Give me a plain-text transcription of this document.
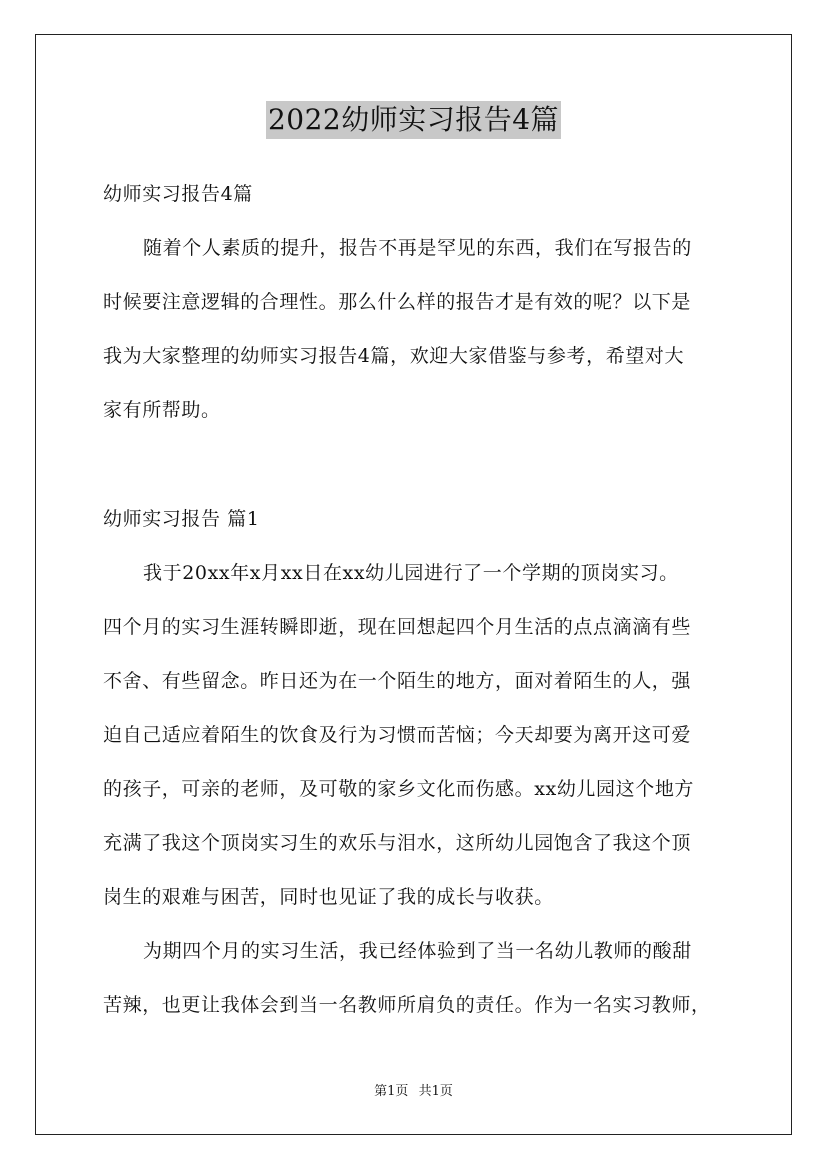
2022幼师实习报告4篇
幼师实习报告4篇
随着个人素质的提升，报告不再是罕见的东西，我们在写报告的
时候要注意逻辑的合理性。那么什么样的报告才是有效的呢？以下是
我为大家整理的幼师实习报告4篇，欢迎大家借鉴与参考，希望对大
家有所帮助。
幼师实习报告 篇1
我于20xx年x月xx日在xx幼儿园进行了一个学期的顶岗实习。
四个月的实习生涯转瞬即逝，现在回想起四个月生活的点点滴滴有些
不舍、有些留念。昨日还为在一个陌生的地方，面对着陌生的人，强
迫自己适应着陌生的饮食及行为习惯而苦恼；今天却要为离开这可爱
的孩子，可亲的老师，及可敬的家乡文化而伤感。xx幼儿园这个地方
充满了我这个顶岗实习生的欢乐与泪水，这所幼儿园饱含了我这个顶
岗生的艰难与困苦，同时也见证了我的成长与收获。
为期四个月的实习生活，我已经体验到了当一名幼儿教师的酸甜
苦辣，也更让我体会到当一名教师所肩负的责任。作为一名实习教师，
第1页 共1页
